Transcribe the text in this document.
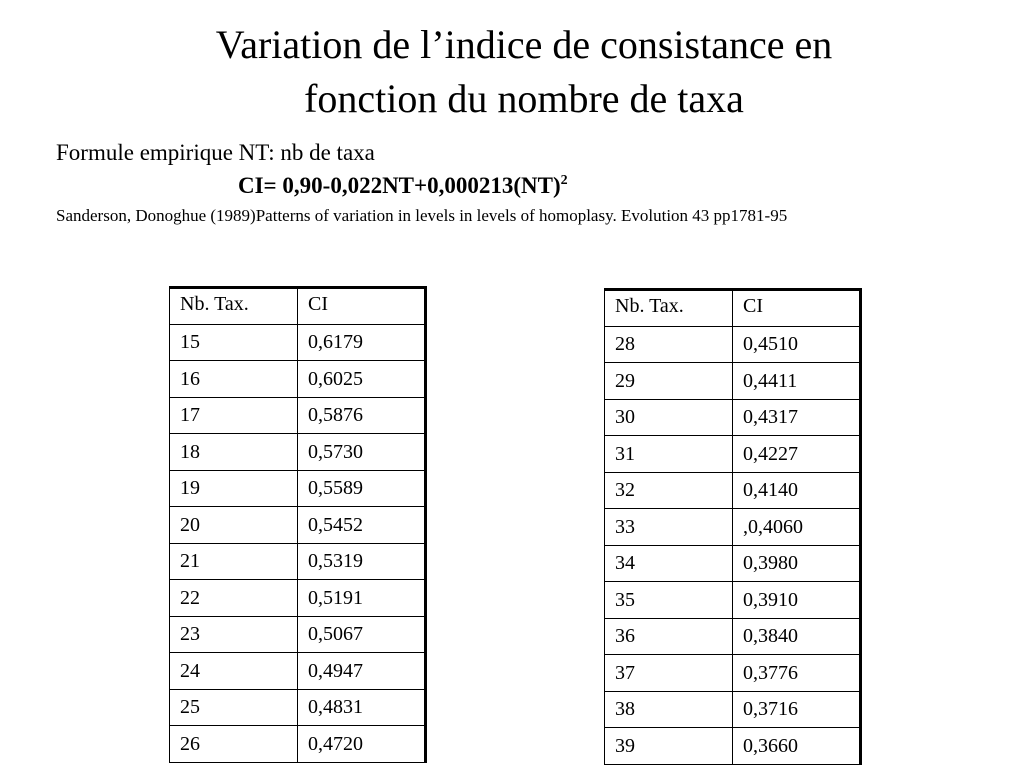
Variation de l’indice de consistance en
fonction du nombre de taxa
Formule empirique NT: nb de taxa
CI= 0,90-0,022NT+0,000213(NT)$^2$
Sanderson, Donoghue (1989)Patterns of variation in levels in levels of homoplasy. Evolution 43 pp1781-95
Nb. Tax.	CI
15	0,6179
16	0,6025
17	0,5876
18	0,5730
19	0,5589
20	0,5452
21	0,5319
22	0,5191
23	0,5067
24	0,4947
25	0,4831
26	0,4720
Nb. Tax.	CI
28	0,4510
29	0,4411
30	0,4317
31	0,4227
32	0,4140
33	,0,4060
34	0,3980
35	0,3910
36	0,3840
37	0,3776
38	0,3716
39	0,3660
